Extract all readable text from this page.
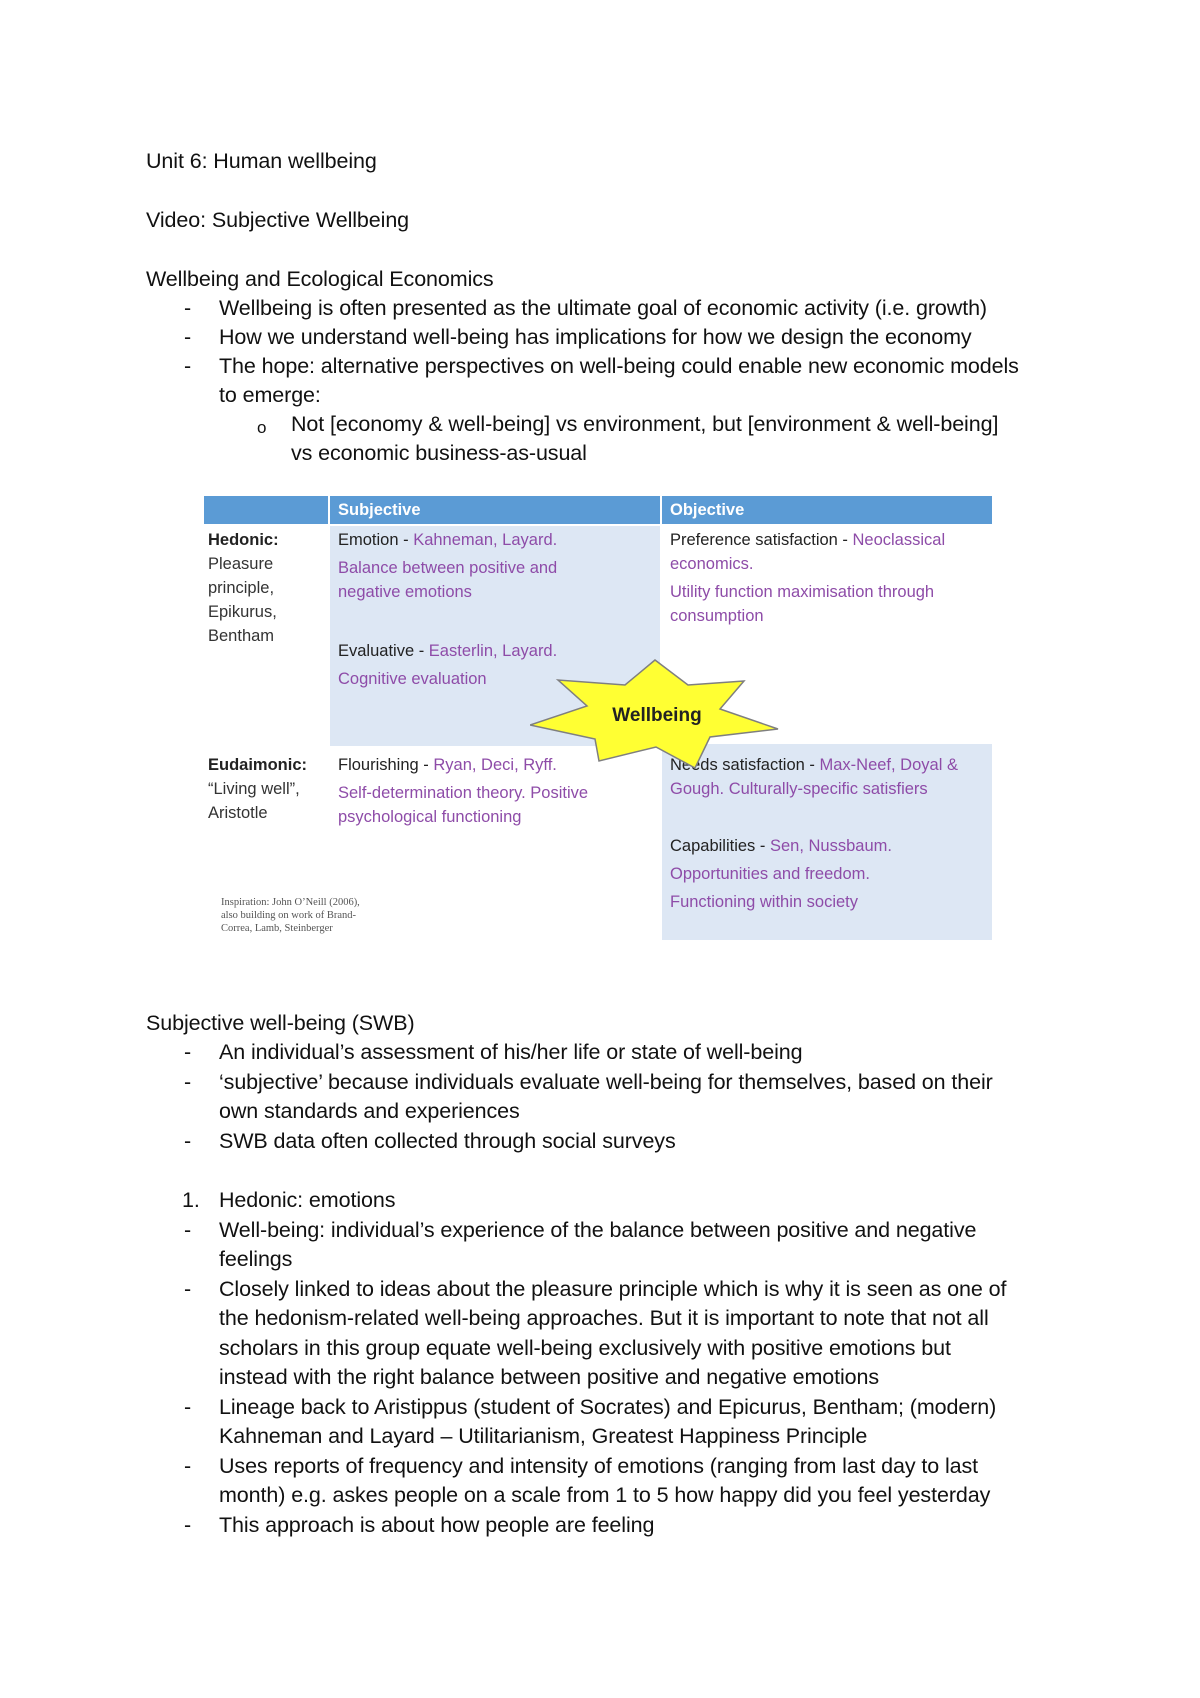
Unit 6: Human wellbeing
Video: Subjective Wellbeing
Wellbeing and Ecological Economics
- Wellbeing is often presented as the ultimate goal of economic activity (i.e. growth)
- How we understand well-being has implications for how we design the economy
- The hope: alternative perspectives on well-being could enable new economic models
to emerge:
o Not [economy & well-being] vs environment, but [environment & well-being]
vs economic business-as-usual
Subjective	Objective
Hedonic:
Pleasure
principle,
Epikurus,
Bentham
Eudaimonic:
“Living well”,
Aristotle
Emotion - Kahneman, Layard.
Balance between positive and
negative emotions
Evaluative - Easterlin, Layard.
Cognitive evaluation
Preference satisfaction - Neoclassical
economics.
Utility function maximisation through
consumption
Flourishing - Ryan, Deci, Ryff.
Self-determination theory. Positive
psychological functioning
Needs satisfaction - Max-Neef, Doyal &
Gough. Culturally-specific satisfiers
Capabilities - Sen, Nussbaum.
Opportunities and freedom.
Functioning within society
Wellbeing
Inspiration: John O’Neill (2006),
also building on work of Brand-
Correa, Lamb, Steinberger
Subjective well-being (SWB)
- An individual’s assessment of his/her life or state of well-being
- ‘subjective’ because individuals evaluate well-being for themselves, based on their
own standards and experiences
- SWB data often collected through social surveys
1. Hedonic: emotions
- Well-being: individual’s experience of the balance between positive and negative
feelings
- Closely linked to ideas about the pleasure principle which is why it is seen as one of
the hedonism-related well-being approaches. But it is important to note that not all
scholars in this group equate well-being exclusively with positive emotions but
instead with the right balance between positive and negative emotions
- Lineage back to Aristippus (student of Socrates) and Epicurus, Bentham; (modern)
Kahneman and Layard – Utilitarianism, Greatest Happiness Principle
- Uses reports of frequency and intensity of emotions (ranging from last day to last
month) e.g. askes people on a scale from 1 to 5 how happy did you feel yesterday
- This approach is about how people are feeling
